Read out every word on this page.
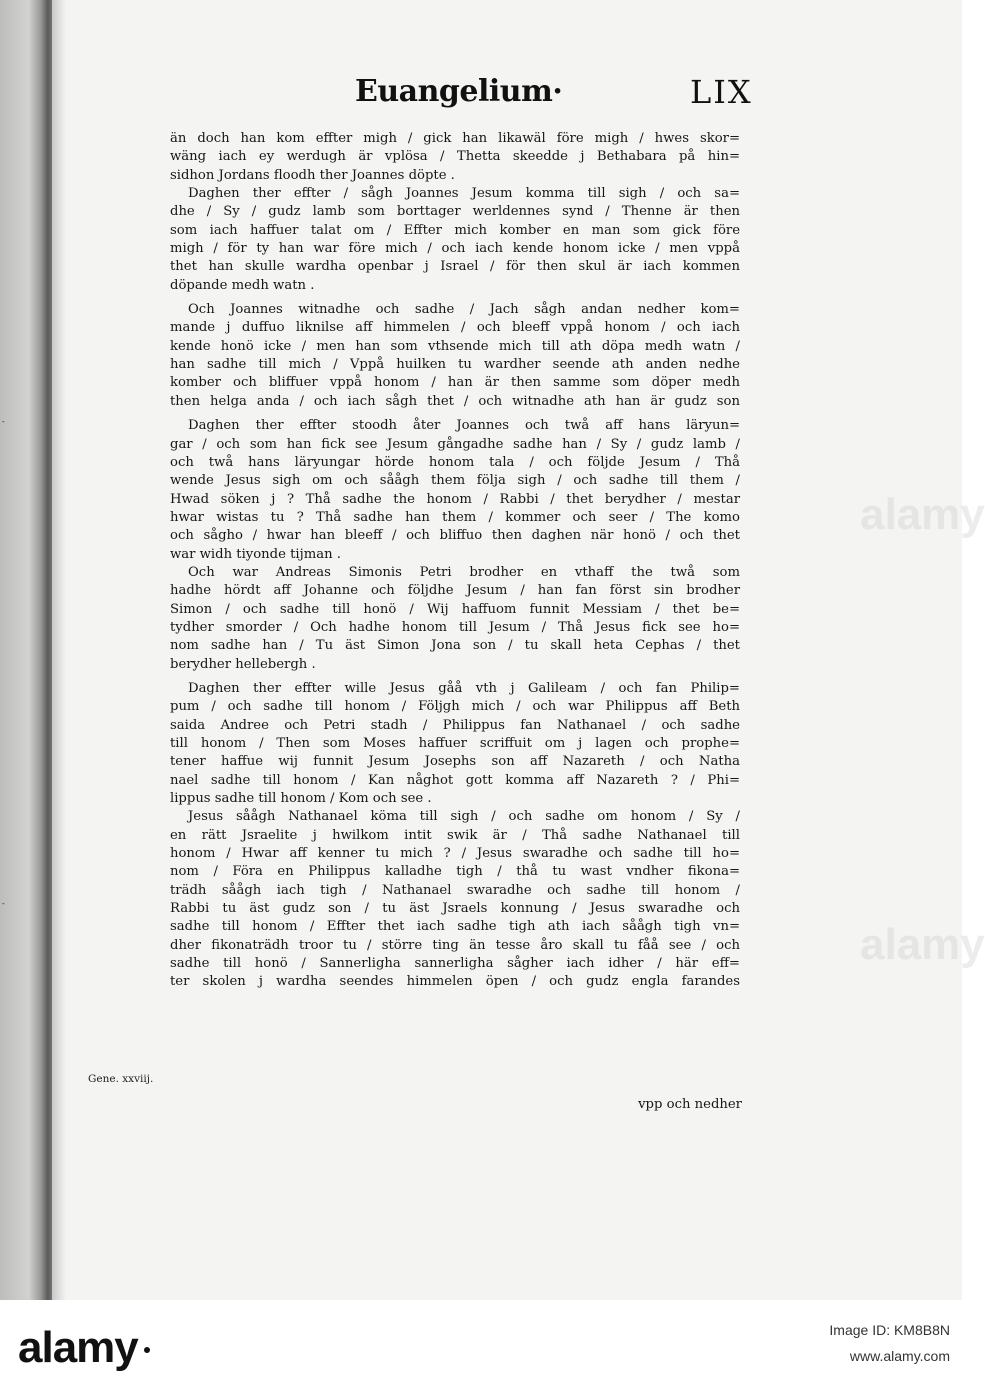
-
-
Euangelium·	LIX
än doch han kom effter migh / gick han likawäl före migh / hwes skor=
wäng iach ey werdugh är vplösa / Thetta skeedde j Bethabara på hin=
sidhon Jordans floodh ther Joannes döpte .
Daghen ther effter / sågh Joannes Jesum komma till sigh / och sa=
dhe / Sy / gudz lamb som borttager werldennes synd / Thenne är then
som iach haffuer talat om / Effter mich komber en man som gick före
migh / för ty han war före mich / och iach kende honom icke / men vppå
thet han skulle wardha openbar j Israel / för then skul är iach kommen
döpande medh watn .
Och Joannes witnadhe och sadhe / Jach sågh andan nedher kom=
mande j duffuo liknilse aff himmelen / och bleeff vppå honom / och iach
kende honö icke / men han som vthsende mich till ath döpa medh watn /
han sadhe till mich / Vppå huilken tu wardher seende ath anden nedhe
komber och bliffuer vppå honom / han är then samme som döper medh
then helga anda / och iach sågh thet / och witnadhe ath han är gudz son
Daghen ther effter stoodh åter Joannes och twå aff hans läryun=
gar / och som han fick see Jesum gångadhe sadhe han / Sy / gudz lamb /
och twå hans läryungar hörde honom tala / och följde Jesum / Thå
wende Jesus sigh om och såågh them följa sigh / och sadhe till them /
Hwad söken j ? Thå sadhe the honom / Rabbi / thet berydher / mestar
hwar wistas tu ? Thå sadhe han them / kommer och seer / The komo
och sågho / hwar han bleeff / och bliffuo then daghen när honö / och thet
war widh tiyonde tijman .
Och war Andreas Simonis Petri brodher en vthaff the twå som
hadhe hördt aff Johanne och följdhe Jesum / han fan först sin brodher
Simon / och sadhe till honö / Wij haffuom funnit Messiam / thet be=
tydher smorder / Och hadhe honom till Jesum / Thå Jesus fick see ho=
nom sadhe han / Tu äst Simon Jona son / tu skall heta Cephas / thet
berydher hellebergh .
Daghen ther effter wille Jesus gåå vth j Galileam / och fan Philip=
pum / och sadhe till honom / Följgh mich / och war Philippus aff Beth
saida Andree och Petri stadh / Philippus fan Nathanael / och sadhe
till honom / Then som Moses haffuer scriffuit om j lagen och prophe=
tener haffue wij funnit Jesum Josephs son aff Nazareth / och Natha
nael sadhe till honom / Kan någhot gott komma aff Nazareth ? / Phi=
lippus sadhe till honom / Kom och see .
Jesus såågh Nathanael köma till sigh / och sadhe om honom / Sy /
en rätt Jsraelite j hwilkom intit swik är / Thå sadhe Nathanael till
honom / Hwar aff kenner tu mich ? / Jesus swaradhe och sadhe till ho=
nom / Föra en Philippus kalladhe tigh / thå tu wast vndher fikona=
trädh såågh iach tigh / Nathanael swaradhe och sadhe till honom /
Rabbi tu äst gudz son / tu äst Jsraels konnung / Jesus swaradhe och
sadhe till honom / Effter thet iach sadhe tigh ath iach såågh tigh vn=
dher fikonaträdh troor tu / större ting än tesse åro skall tu fåå see / och
sadhe till honö / Sannerligha sannerligha sågher iach idher / här eff=
ter skolen j wardha seendes himmelen öpen / och gudz engla farandes
Gene. xxviij.
vpp och nedher
alamy
alamy
alamy	Image ID: KM8B8N
www.alamy.com
